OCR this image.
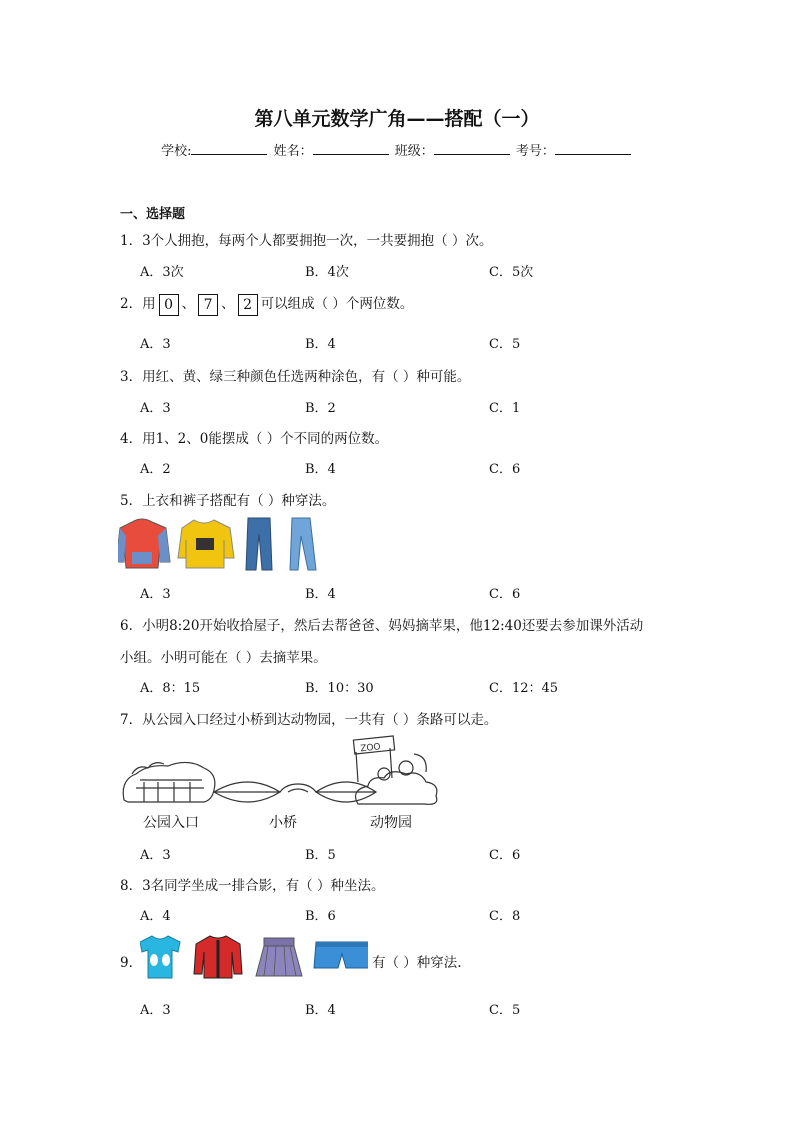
第八单元数学广角——搭配（一）
学校:	姓名：	班级：	考号：
一、选择题
1．3个人拥抱，每两个人都要拥抱一次，一共要拥抱（ ）次。
A．3次	B．4次	C．5次
2．用 0 、 7 、 2 可以组成（ ）个两位数。
A．3	B．4	C．5
3．用红、黄、绿三种颜色任选两种涂色，有（ ）种可能。
A．3	B．2	C．1
4．用1、2、0能摆成（ ）个不同的两位数。
A．2	B．4	C．6
5．上衣和裤子搭配有（ ）种穿法。
A．3	B．4	C．6
6．小明8:20开始收拾屋子，然后去帮爸爸、妈妈摘苹果，他12:40还要去参加课外活动
小组。小明可能在（ ）去摘苹果。
A．8：15	B．10：30	C．12：45
7．从公园入口经过小桥到达动物园，一共有（ ）条路可以走。
ZOO
公园入口	小桥	动物园
A．3	B．5	C．6
8．3名同学坐成一排合影，有（ ）种坐法。
A．4	B．6	C．8
9．	有（ ）种穿法.
A．3	B．4	C．5
